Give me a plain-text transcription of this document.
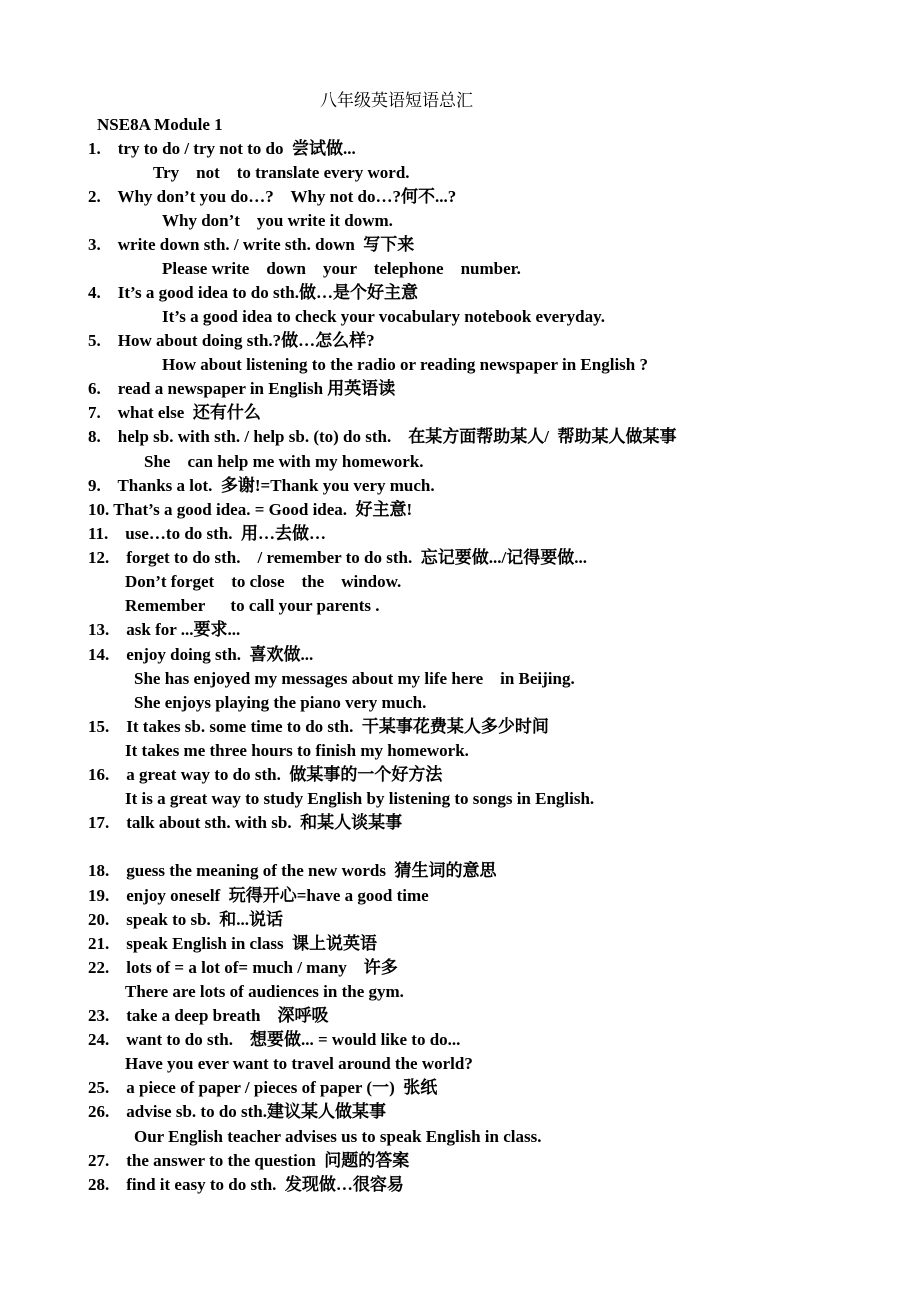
八年级英语短语总汇
NSE8A Module 1
1.    try to do / try not to do  尝试做...
Try    not    to translate every word.
2.    Why don’t you do…?    Why not do…?何不...?
Why don’t    you write it dowm.
3.    write down sth. / write sth. down  写下来
Please write    down    your    telephone    number.
4.    It’s a good idea to do sth.做…是个好主意
It’s a good idea to check your vocabulary notebook everyday.
5.    How about doing sth.?做…怎么样?
How about listening to the radio or reading newspaper in English ?
6.    read a newspaper in English 用英语读
7.    what else  还有什么
8.    help sb. with sth. / help sb. (to) do sth.    在某方面帮助某人/  帮助某人做某事
She    can help me with my homework.
9.    Thanks a lot.  多谢!=Thank you very much.
10. That’s a good idea. = Good idea.  好主意!
11.    use…to do sth.  用…去做…
12.    forget to do sth.    / remember to do sth.  忘记要做.../记得要做...
Don’t forget    to close    the    window.
Remember      to call your parents .
13.    ask for ...要求...
14.    enjoy doing sth.  喜欢做...
She has enjoyed my messages about my life here    in Beijing.
She enjoys playing the piano very much.
15.    It takes sb. some time to do sth.  干某事花费某人多少时间
It takes me three hours to finish my homework.
16.    a great way to do sth.  做某事的一个好方法
It is a great way to study English by listening to songs in English.
17.    talk about sth. with sb.  和某人谈某事
18.    guess the meaning of the new words  猜生词的意思
19.    enjoy oneself  玩得开心=have a good time
20.    speak to sb.  和...说话
21.    speak English in class  课上说英语
22.    lots of = a lot of= much / many    许多
There are lots of audiences in the gym.
23.    take a deep breath    深呼吸
24.    want to do sth.    想要做... = would like to do...
Have you ever want to travel around the world?
25.    a piece of paper / pieces of paper (一)  张纸
26.    advise sb. to do sth.建议某人做某事
Our English teacher advises us to speak English in class.
27.    the answer to the question  问题的答案
28.    find it easy to do sth.  发现做…很容易
